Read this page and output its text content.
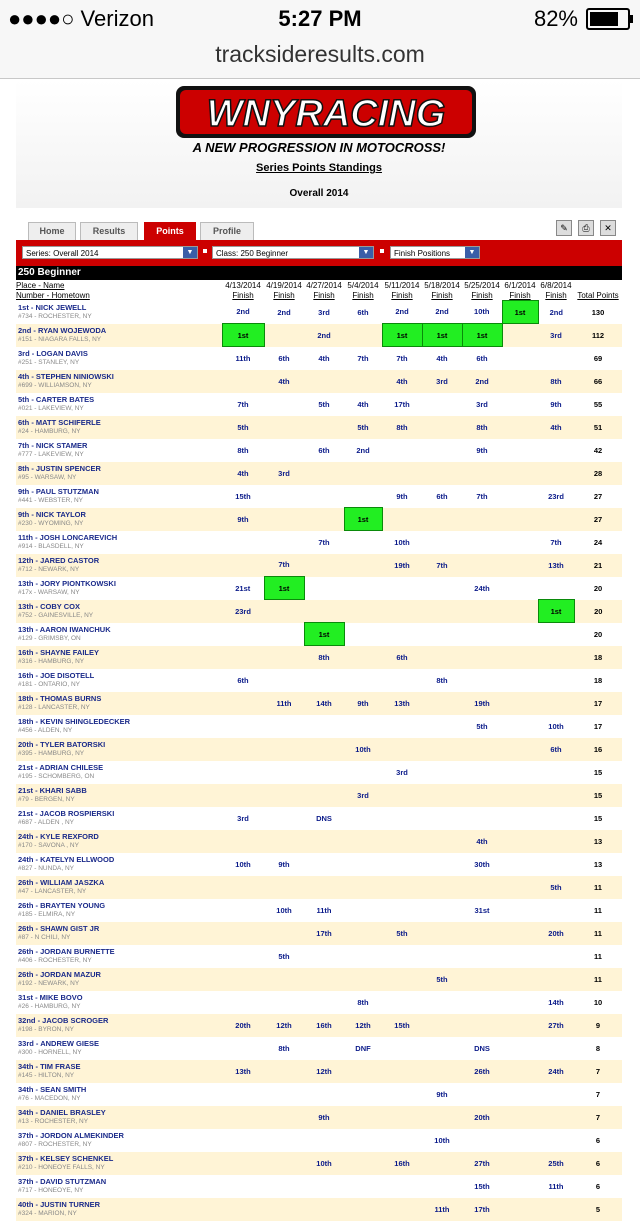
●●●●○ Verizon	5:27 PM	82%
tracksideresults.com
WNYRACING
A NEW PROGRESSION IN MOTOCROSS!
Series Points Standings
Overall 2014
Home	Results	Points	Profile	✎	⎙	✕
Series: Overall 2014	▼	Class: 250 Beginner	▼	Finish Positions	▼
250 Beginner
Place - Name	4/13/2014	4/19/2014	4/27/2014	5/4/2014	5/11/2014	5/18/2014	5/25/2014	6/1/2014	6/8/2014	
Number - Hometown	Finish	Finish	Finish	Finish	Finish	Finish	Finish	Finish	Finish	Total Points

1st - NICK JEWELL
#734 - ROCHESTER, NY	2nd	2nd	3rd	6th	2nd	2nd	10th	1st	2nd	130

2nd - RYAN WOJEWODA
#151 - NIAGARA FALLS, NY	1st		2nd		1st	1st	1st		3rd	112

3rd - LOGAN DAVIS
#251 - STANLEY, NY	11th	6th	4th	7th	7th	4th	6th			69

4th - STEPHEN NINIOWSKI
#699 - WILLIAMSON, NY		4th			4th	3rd	2nd		8th	66

5th - CARTER BATES
#021 - LAKEVIEW, NY	7th		5th	4th	17th		3rd		9th	55

6th - MATT SCHIFERLE
#24 - HAMBURG, NY	5th			5th	8th		8th		4th	51

7th - NICK STAMER
#777 - LAKEVIEW, NY	8th		6th	2nd			9th			42

8th - JUSTIN SPENCER
#95 - WARSAW, NY	4th	3rd								28

9th - PAUL STUTZMAN
#441 - WEBSTER, NY	15th				9th	6th	7th		23rd	27

9th - NICK TAYLOR
#230 - WYOMING, NY	9th			1st						27

11th - JOSH LONCAREVICH
#914 - BLASDELL, NY			7th		10th				7th	24

12th - JARED CASTOR
#712 - NEWARK, NY		7th			19th	7th			13th	21

13th - JORY PIONTKOWSKI
#17x - WARSAW, NY	21st	1st					24th			20

13th - COBY COX
#752 - GAINESVILLE, NY	23rd								1st	20

13th - AARON IWANCHUK
#129 - GRIMSBY, ON			1st							20

16th - SHAYNE FAILEY
#316 - HAMBURG, NY			8th		6th					18

16th - JOE DISOTELL
#181 - ONTARIO, NY	6th					8th				18

18th - THOMAS BURNS
#128 - LANCASTER, NY		11th	14th	9th	13th		19th			17

18th - KEVIN SHINGLEDECKER
#456 - ALDEN, NY							5th		10th	17

20th - TYLER BATORSKI
#395 - HAMBURG, NY				10th					6th	16

21st - ADRIAN CHILESE
#195 - SCHOMBERG, ON					3rd					15

21st - KHARI SABB
#79 - BERGEN, NY				3rd						15

21st - JACOB ROSPIERSKI
#687 - ALDEN , NY	3rd		DNS							15

24th - KYLE REXFORD
#170 - SAVONA , NY							4th			13

24th - KATELYN ELLWOOD
#827 - NUNDA, NY	10th	9th					30th			13

26th - WILLIAM JASZKA
#47 - LANCASTER, NY									5th	11

26th - BRAYTEN YOUNG
#185 - ELMIRA, NY		10th	11th				31st			11

26th - SHAWN GIST JR
#87 - N CHILI, NY			17th		5th				20th	11

26th - JORDAN BURNETTE
#406 - ROCHESTER, NY		5th								11

26th - JORDAN MAZUR
#192 - NEWARK, NY						5th				11

31st - MIKE BOVO
#26 - HAMBURG, NY				8th					14th	10

32nd - JACOB SCROGER
#198 - BYRON, NY	20th	12th	16th	12th	15th				27th	9

33rd - ANDREW GIESE
#300 - HORNELL, NY		8th		DNF			DNS			8

34th - TIM FRASE
#145 - HILTON, NY	13th		12th				26th		24th	7

34th - SEAN SMITH
#76 - MACEDON, NY						9th				7

34th - DANIEL BRASLEY
#13 - ROCHESTER, NY			9th				20th			7

37th - JORDON ALMEKINDER
#807 - ROCHESTER, NY						10th				6

37th - KELSEY SCHENKEL
#210 - HONEOYE FALLS, NY			10th		16th		27th		25th	6

37th - DAVID STUTZMAN
#717 - HONEOYE, NY							15th		11th	6

40th - JUSTIN TURNER
#324 - MARION, NY						11th	17th			5
